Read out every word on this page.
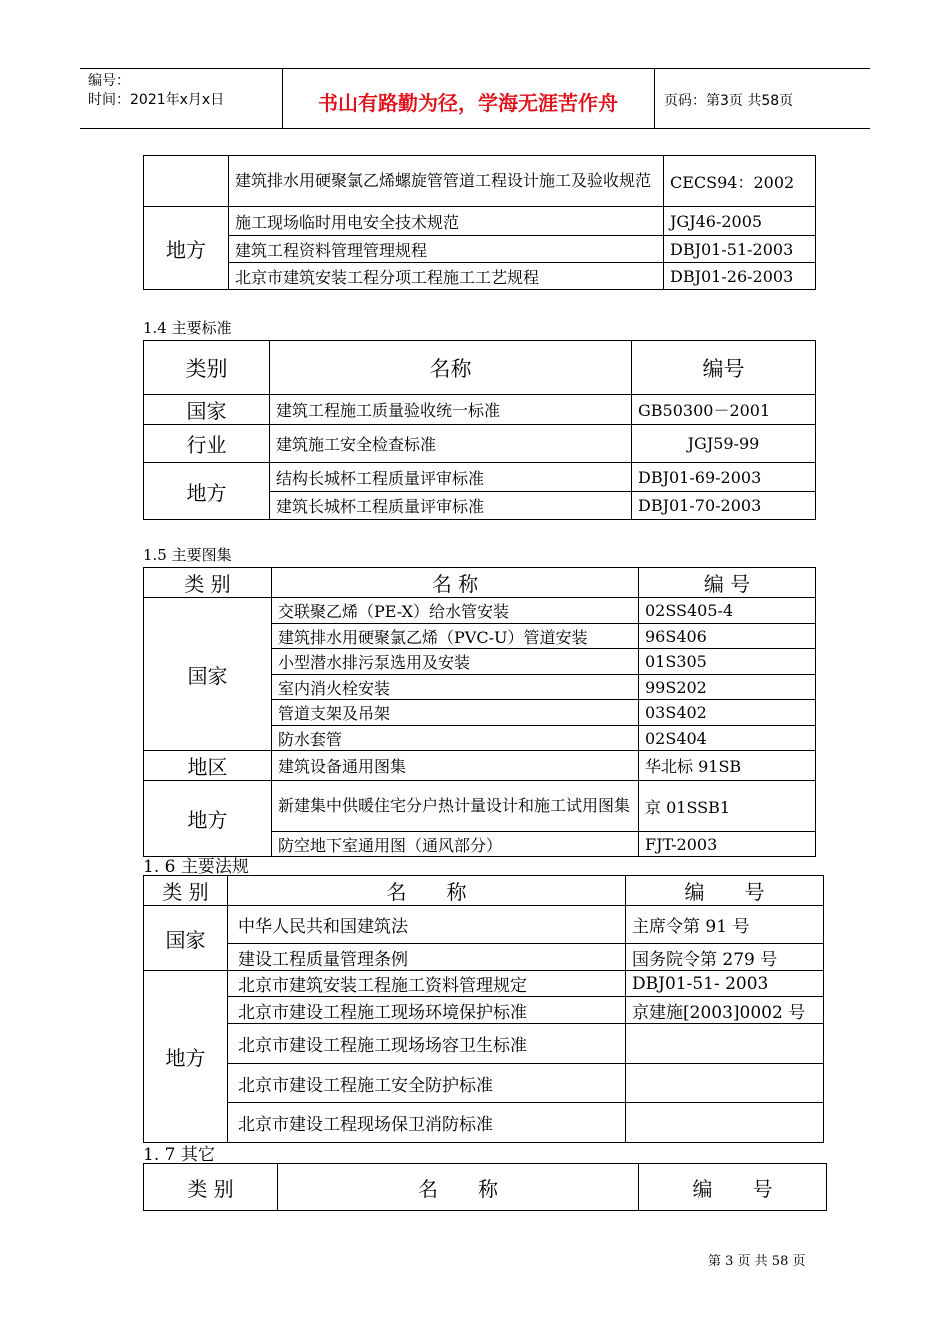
编号：
时间：2021年x月x日	书山有路勤为径，学海无涯苦作舟	页码：第3页 共58页
	建筑排水用硬聚氯乙烯螺旋管管道工程设计施工及验收规范	CECS94：2002
地方	施工现场临时用电安全技术规范	JGJ46-2005
	建筑工程资料管理管理规程	DBJ01-51-2003
	北京市建筑安装工程分项工程施工工艺规程	DBJ01-26-2003
1.4 主要标准
类别	名称	编号
国家	建筑工程施工质量验收统一标准	GB50300－2001
行业	建筑施工安全检查标准	JGJ59-99
地方	结构长城杯工程质量评审标准	DBJ01-69-2003
	建筑长城杯工程质量评审标准	DBJ01-70-2003
1.5 主要图集
类 别	名 称	编 号
国家	交联聚乙烯（PE-X）给水管安装	02SS405-4
	建筑排水用硬聚氯乙烯（PVC-U）管道安装	96S406
	小型潜水排污泵选用及安装	01S305
	室内消火栓安装	99S202
	管道支架及吊架	03S402
	防水套管	02S404
地区	建筑设备通用图集	华北标 91SB
地方	新建集中供暖住宅分户热计量设计和施工试用图集	京 01SSB1
	防空地下室通用图（通风部分）	FJT-2003
1. 6 主要法规
类 别	名　　称	编　　号
国家	中华人民共和国建筑法	主席令第 91 号
	建设工程质量管理条例	国务院令第 279 号
地方	北京市建筑安装工程施工资料管理规定	DBJ01-51- 2003
	北京市建设工程施工现场环境保护标准	京建施[2003]0002 号
	北京市建设工程施工现场场容卫生标准	
	北京市建设工程施工安全防护标准	
	北京市建设工程现场保卫消防标准	
1. 7 其它
类 别	名　　称	编　　号
第 3 页 共 58 页
